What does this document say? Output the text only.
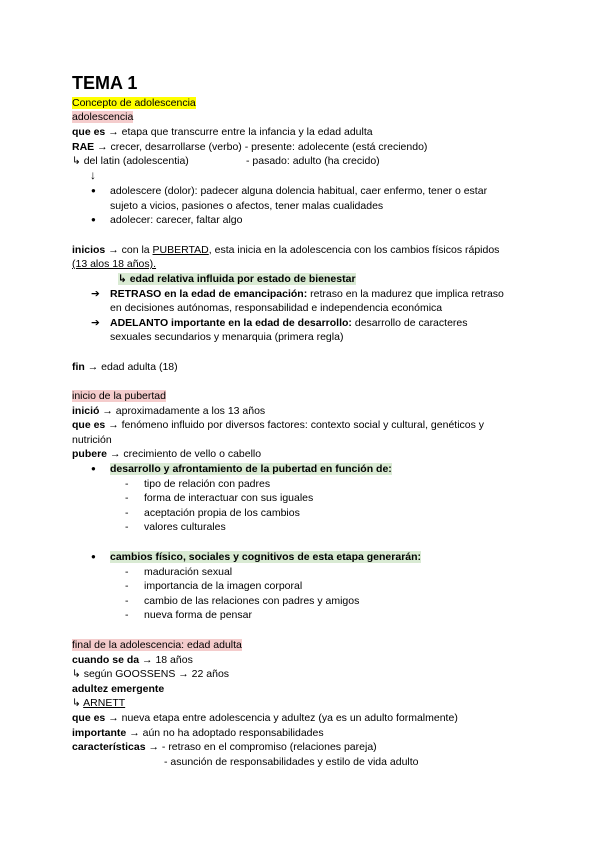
TEMA 1
Concepto de adolescencia
adolescencia
que es → etapa que transcurre entre la infancia y la edad adulta
RAE → crecer, desarrollarse (verbo) - presente: adolecente (está creciendo)
↳ del latin (adolescentia)	- pasado: adulto (ha crecido)
↓
● adolescere (dolor): padecer alguna dolencia habitual, caer enfermo, tener o estar
sujeto a vicios, pasiones o afectos, tener malas cualidades
● adolecer: carecer, faltar algo
inicios → con la PUBERTAD, esta inicia en la adolescencia con los cambios físicos rápidos
(13 alos 18 años).
↳ edad relativa influida por estado de bienestar
➔ RETRASO en la edad de emancipación: retraso en la madurez que implica retraso
en decisiones autónomas, responsabilidad e independencia económica
➔ ADELANTO importante en la edad de desarrollo: desarrollo de caracteres
sexuales secundarios y menarquia (primera regla)
fin → edad adulta (18)
inicio de la pubertad
inició → aproximadamente a los 13 años
que es → fenómeno influido por diversos factores: contexto social y cultural, genéticos y
nutrición
pubere → crecimiento de vello o cabello
● desarrollo y afrontamiento de la pubertad en función de:
- tipo de relación con padres
- forma de interactuar con sus iguales
- aceptación propia de los cambios
- valores culturales
● cambios físico, sociales y cognitivos de esta etapa generarán:
- maduración sexual
- importancia de la imagen corporal
- cambio de las relaciones con padres y amigos
- nueva forma de pensar
final de la adolescencia: edad adulta
cuando se da → 18 años
↳ según GOOSSENS → 22 años
adultez emergente
↳ ARNETT
que es → nueva etapa entre adolescencia y adultez (ya es un adulto formalmente)
importante → aún no ha adoptado responsabilidades
características → - retraso en el compromiso (relaciones pareja)
- asunción de responsabilidades y estilo de vida adulto
